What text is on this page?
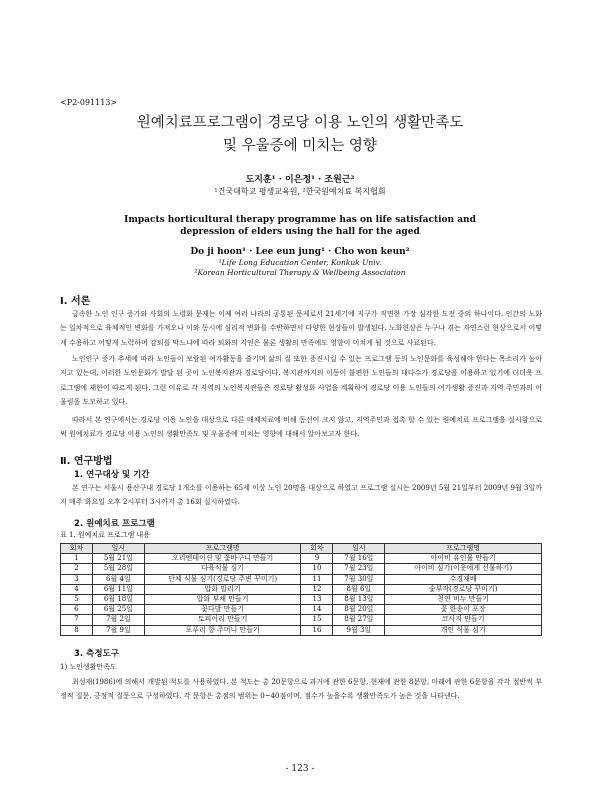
<P2-091113>
원예치료프로그램이 경로당 이용 노인의 생활만족도
및 우울증에 미치는 영향
도지훈¹ · 이은정¹ · 조원근²
¹건국대학교 평생교육원, ²한국원예치료 복지협회
Impacts horticultural therapy programme has on life satisfaction and depression of elders using the hall for the aged
Do ji hoon¹ · Lee eun jung¹ · Cho won keun²
¹Life Long Education Center, Konkuk Univ.
²Korean Horticultural Therapy & Wellbeing Association
Ⅰ. 서론
급속한 노인 인구 증가와 사회의 노령화 문제는 이제 여러 나라의 공통된 문제로서 21세기에 지구가 직면한 가장 심각한 도전 중의 하나이다. 인간의 노화는 일차적으로 육체적인 변화를 가져오나 이와 동시에 심리적 변화를 수반하면서 다양한 현상들이 발생된다. 노화현상은 누구나 겪는 자연스런 현상으로서 어떻게 수용하고 어떻게 노력하며 감퇴를 막느냐에 따라 퇴화의 지연은 물론 생활의 만족에도 영향이 미치게 될 것으로 사료된다.
노인인구 증가 추세에 따라 노인들이 보람된 여가활동을 즐기며 삶의 질 또한 증진시킬 수 있는 프로그램 등의 노인문화를 육성해야 한다는 목소리가 높아지고 있는데, 이러한 노인문화가 발달 된 곳이 노인복지관과 경로당이다. 복지관까지의 이동이 불편한 노인들의 대다수가 경로당을 이용하고 있기에 더더욱 프로그램에 제한이 따르게 된다. 그런 이유로 각 지역의 노인복지관들은 경로당 활성화 사업을 계획하여 경로당 이용 노인들의 여가생활 증진과 지역 주민과의 어울림을 도모하고 있다.
따라서 본 연구에서는 경로당 이용 노인을 대상으로 다른 매체치료에 비해 동선이 크지 않고, 지역주민과 접촉 할 수 있는 원예치료 프로그램을 실시함으로써 원예치료가 경로당 이용 노인의 생활만족도 및 우울증에 미치는 영향에 대해서 알아보고자 한다.
Ⅱ. 연구방법
1. 연구대상 및 기간
본 연구는 서울시 용산구내 경로당 1개소를 이용하는 65세 이상 노인 20명을 대상으로 하였고 프로그램 실시는 2009년 5월 21일부터 2009년 9월 3일까지 매주 화요일 오후 2시부터 3시까지 총 16회 실시하였다.
2. 원예치료 프로그램
표 1. 원예치료 프로그램 내용
회차	일시	프로그램명	회차	일시	프로그램명
1	5월 21일	오리엔테이션 및 꽃바구니 만들기	9	7월 16일	아이비 유인물 만들기
2	5월 28일	다육식물 심기	10	7월 23일	아이비 심기(이웃에게 선물하기)
3	6월 4일	단체 식물 심기(경로당 주변 꾸미기)	11	7월 30일	수경재배
4	6월 11일	압화 말리기	12	8월 6일	숯부작(경로당 꾸미기)
5	6월 18일	압화 부채 만들기	13	8월 13일	천연 비누 만들기
6	6월 25일	꽃다발 만들기	14	8월 20일	꽃 한송이 포장
7	7월 2일	토피어리 만들기	15	8월 27일	코사지 만들기
8	7월 9일	포푸리 향 주머니 만들기	16	9월 3일	개인 식물 심기
3. 측정도구
1) 노인생활만족도
최성재(1986)에 의해서 개발된 척도를 사용하였다. 본 척도는 총 20문항으로 과거에 관한 6문항, 현재에 관한 8문항, 미래에 관한 6문항을 각각 절반씩 부정적 질문, 긍정적 질문으로 구성하였다. 각 문항은 총점의 범위는 0~40점이며, 점수가 높을수록 생활만족도가 높은 것을 나타낸다.
- 123 -
